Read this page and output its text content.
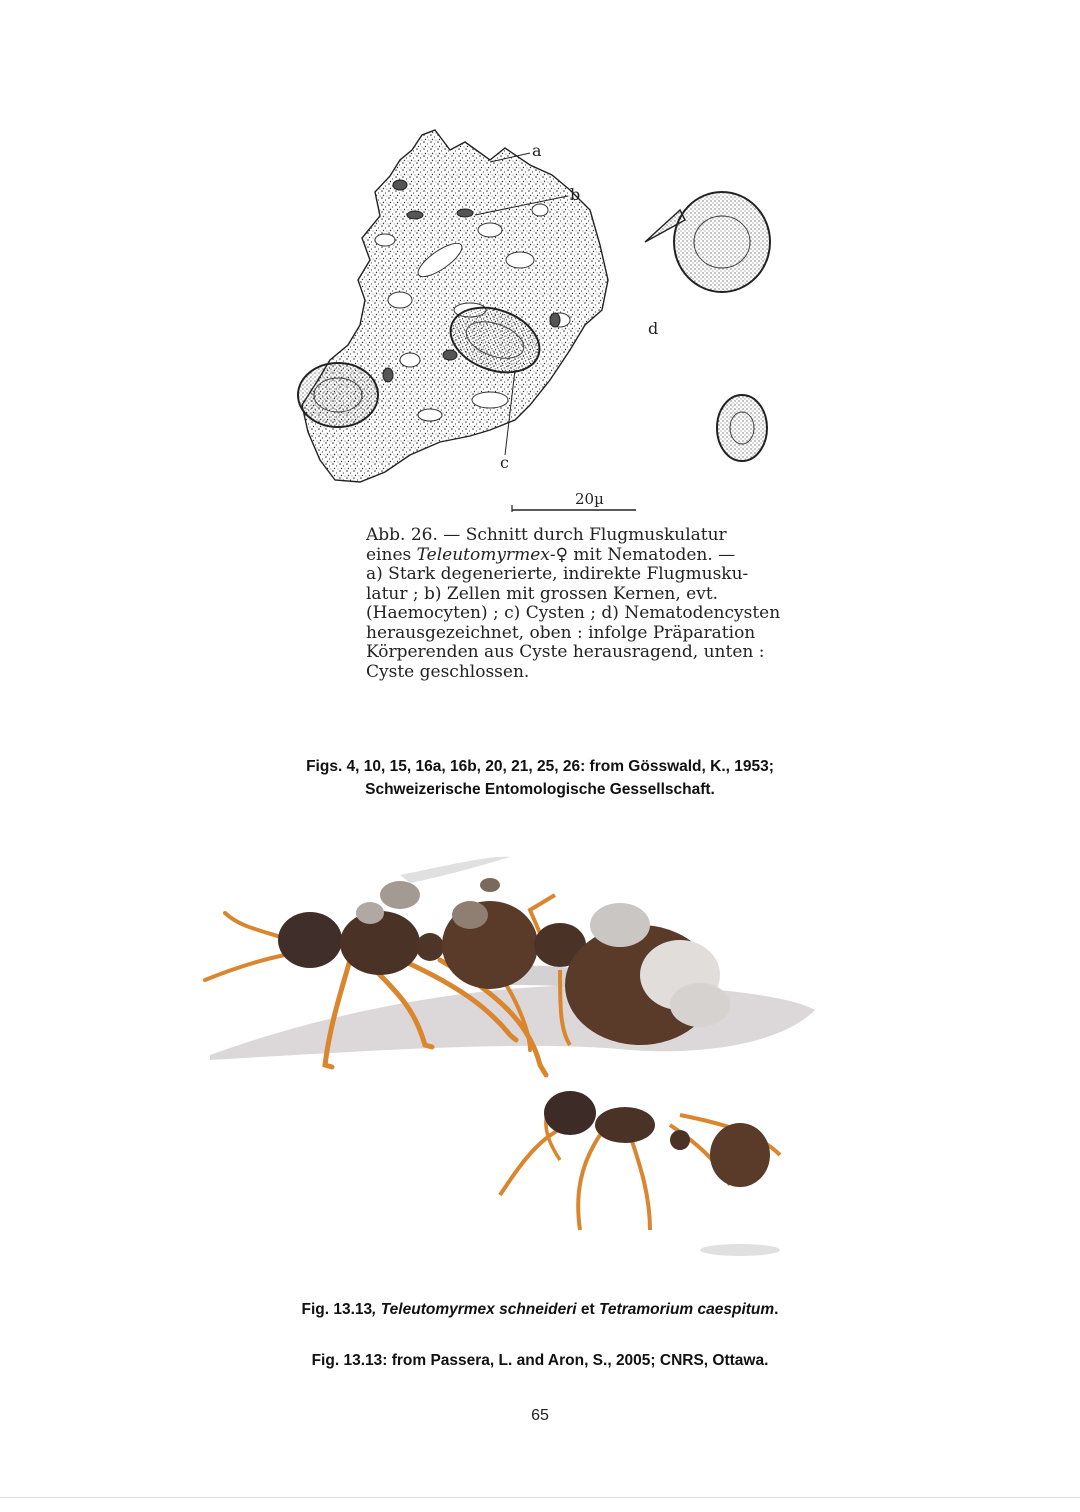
a
b
c
d
20µ

Abb. 26. — Schnitt durch Flugmuskulatur

eines Teleutomyrmex-♀ mit Nematoden. —

a) Stark degenerierte, indirekte Flugmusku-

latur ; b) Zellen mit grossen Kernen, evt.

(Haemocyten) ; c) Cysten ; d) Nematodencysten

herausgezeichnet, oben : infolge Präparation

Körperenden aus Cyste herausragend, unten :

Cyste geschlossen.

Figs. 4, 10, 15, 16a, 16b, 20, 21, 25, 26: from Gösswald, K., 1953;
Schweizerische Entomologische Gessellschaft.
Fig. 13.13, Teleutomyrmex schneideri et Tetramorium caespitum.
Fig. 13.13: from Passera, L. and Aron, S., 2005; CNRS, Ottawa.
65
